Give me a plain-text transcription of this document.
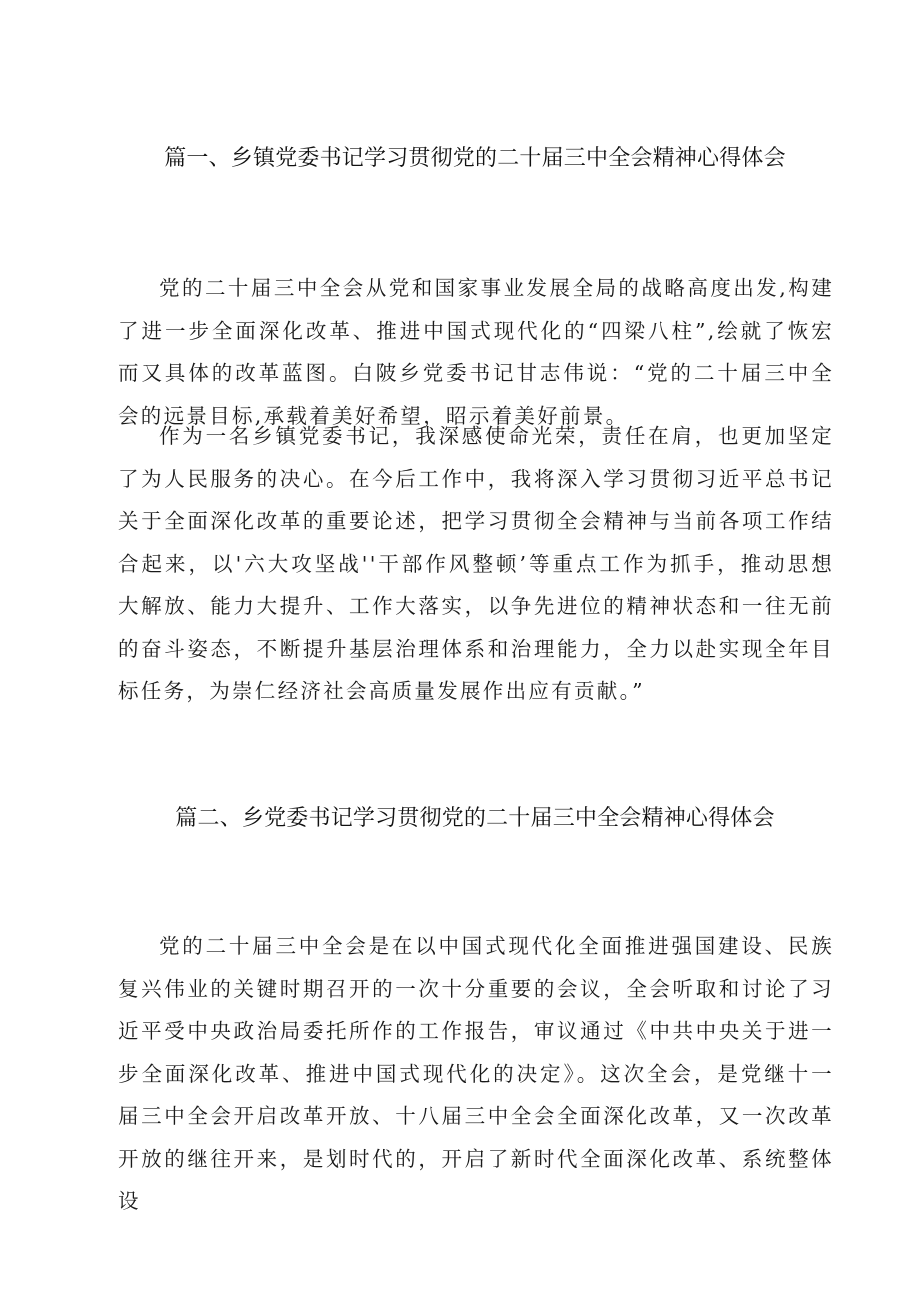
篇一、乡镇党委书记学习贯彻党的二十届三中全会精神心得体会

党的二十届三中全会从党和国家事业发展全局的战略高度出发,构建了进一步全面深化改革、推进中国式现代化的“四梁八柱”,绘就了恢宏而又具体的改革蓝图。白陂乡党委书记甘志伟说：“党的二十届三中全会的远景目标,承载着美好希望，昭示着美好前景。

作为一名乡镇党委书记，我深感使命光荣，责任在肩，也更加坚定了为人民服务的决心。在今后工作中，我将深入学习贯彻习近平总书记关于全面深化改革的重要论述，把学习贯彻全会精神与当前各项工作结合起来，以'六大攻坚战''干部作风整顿’等重点工作为抓手，推动思想大解放、能力大提升、工作大落实，以争先进位的精神状态和一往无前的奋斗姿态，不断提升基层治理体系和治理能力，全力以赴实现全年目标任务，为崇仁经济社会高质量发展作出应有贡献。”

篇二、乡党委书记学习贯彻党的二十届三中全会精神心得体会

党的二十届三中全会是在以中国式现代化全面推进强国建设、民族复兴伟业的关键时期召开的一次十分重要的会议，全会听取和讨论了习近平受中央政治局委托所作的工作报告，审议通过《中共中央关于进一步全面深化改革、推进中国式现代化的决定》。这次全会，是党继十一届三中全会开启改革开放、十八届三中全会全面深化改革，又一次改革开放的继往开来，是划时代的，开启了新时代全面深化改革、系统整体设
